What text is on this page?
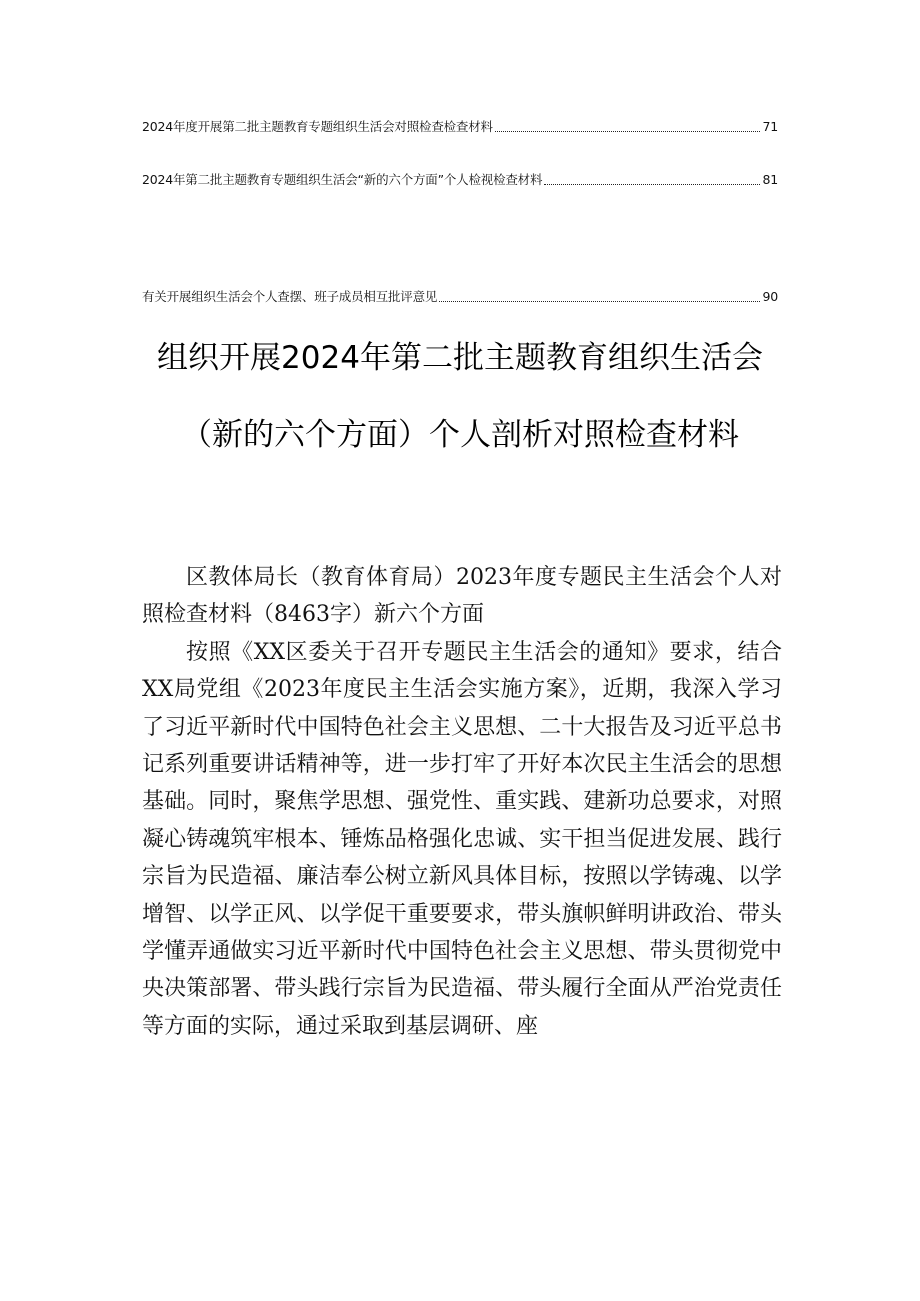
2024年度开展第二批主题教育专题组织生活会对照检查检查材料	71
2024年第二批主题教育专题组织生活会“新的六个方面”个人检视检查材料	81
有关开展组织生活会个人查摆、班子成员相互批评意见	90
组织开展2024年第二批主题教育组织生活会
（新的六个方面）个人剖析对照检查材料

区教体局长（教育体育局）2023年度专题民主生活会个人对照检查材料（8463字）新六个方面

按照《XX区委关于召开专题民主生活会的通知》要求，结合XX局党组《2023年度民主生活会实施方案》，近期，我深入学习了习近平新时代中国特色社会主义思想、二十大报告及习近平总书记系列重要讲话精神等，进一步打牢了开好本次民主生活会的思想基础。同时，聚焦学思想、强党性、重实践、建新功总要求，对照凝心铸魂筑牢根本、锤炼品格强化忠诚、实干担当促进发展、践行宗旨为民造福、廉洁奉公树立新风具体目标，按照以学铸魂、以学增智、以学正风、以学促干重要要求，带头旗帜鲜明讲政治、带头学懂弄通做实习近平新时代中国特色社会主义思想、带头贯彻党中央决策部署、带头践行宗旨为民造福、带头履行全面从严治党责任等方面的实际，通过采取到基层调研、座
